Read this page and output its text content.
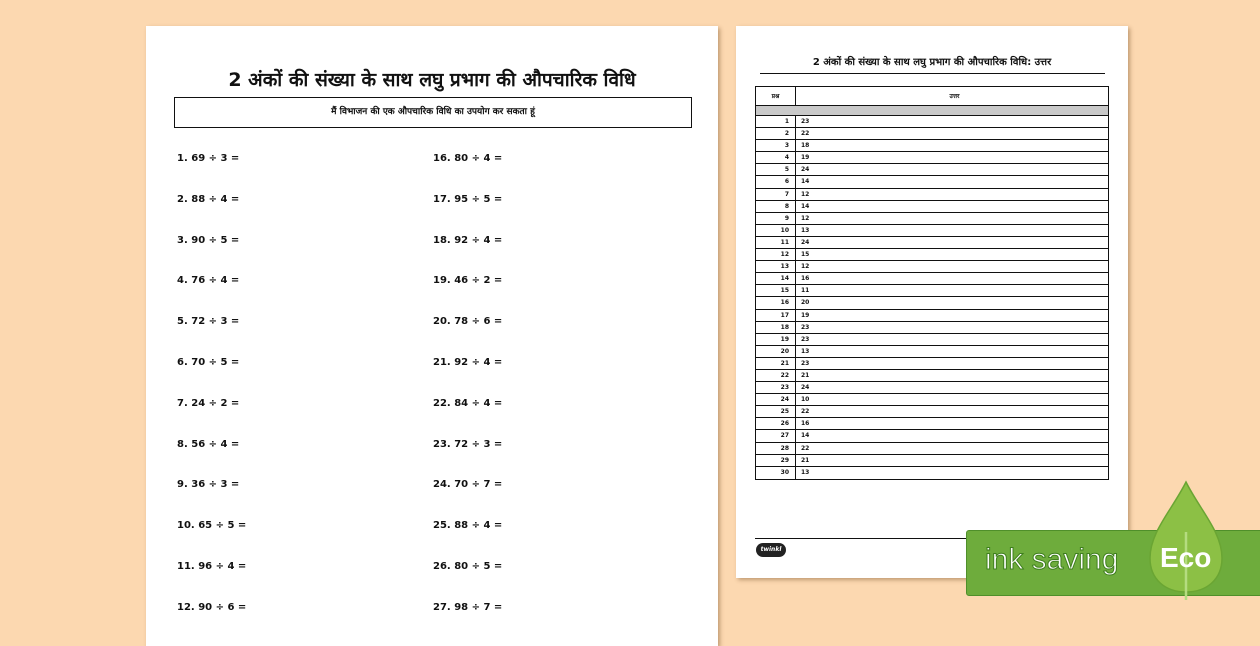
2 अंकों की संख्या के साथ लघु प्रभाग की औपचारिक विधि
मैं विभाजन की एक औपचारिक विधि का उपयोग कर सकता हूं
1. 69 ÷ 3 =
2. 88 ÷ 4 =
3. 90 ÷ 5 =
4. 76 ÷ 4 =
5. 72 ÷ 3 =
6. 70 ÷ 5 =
7. 24 ÷ 2 =
8. 56 ÷ 4 =
9. 36 ÷ 3 =
10. 65 ÷ 5 =
11. 96 ÷ 4 =
12. 90 ÷ 6 =
16. 80 ÷ 4 =
17. 95 ÷ 5 =
18. 92 ÷ 4 =
19. 46 ÷ 2 =
20. 78 ÷ 6 =
21. 92 ÷ 4 =
22. 84 ÷ 4 =
23. 72 ÷ 3 =
24. 70 ÷ 7 =
25. 88 ÷ 4 =
26. 80 ÷ 5 =
27. 98 ÷ 7 =
2 अंकों की संख्या के साथ लघु प्रभाग की औपचारिक विधि: उत्तर
प्रश्न	उत्तर
1	23
2	22
3	18
4	19
5	24
6	14
7	12
8	14
9	12
10	13
11	24
12	15
13	12
14	16
15	11
16	20
17	19
18	23
19	23
20	13
21	23
22	21
23	24
24	10
25	22
26	16
27	14
28	22
29	21
30	13
twinkl	ink saving Eco
